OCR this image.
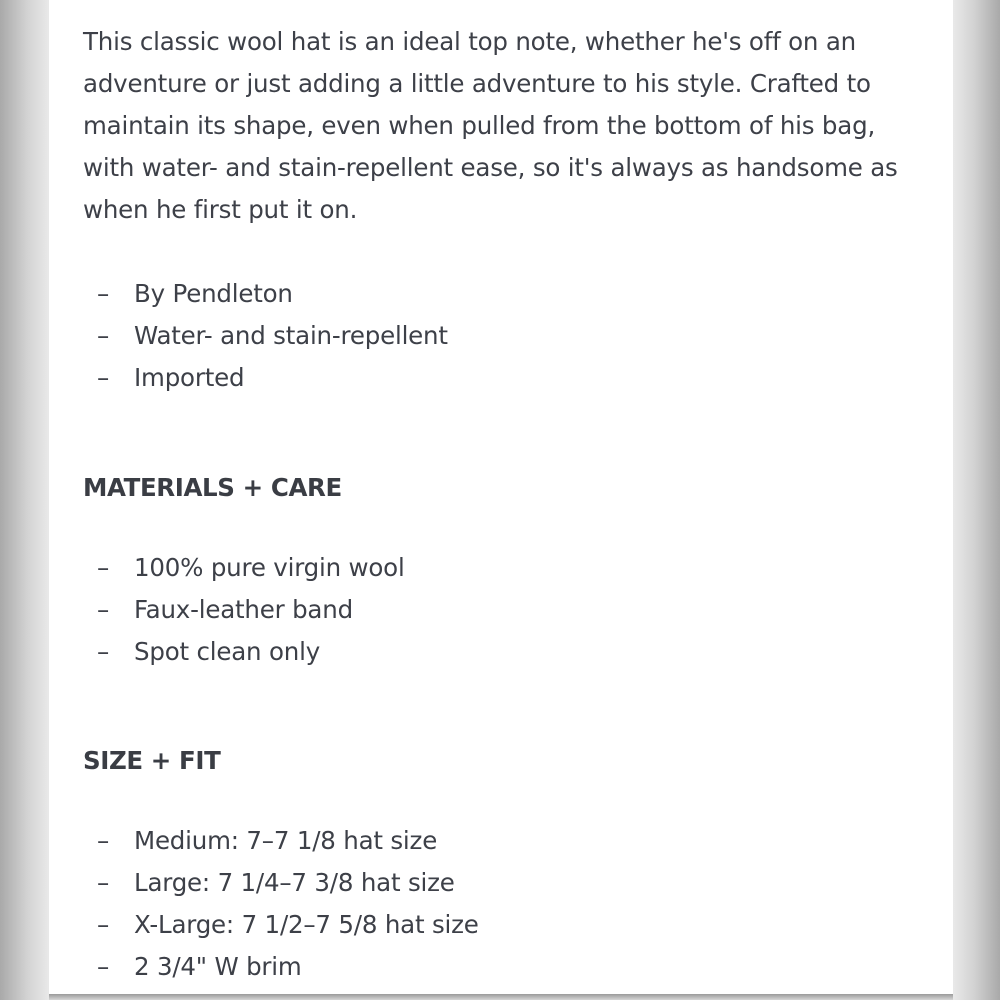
This classic wool hat is an ideal top note, whether he's off on an adventure or just adding a little adventure to his style. Crafted to maintain its shape, even when pulled from the bottom of his bag, with water- and stain-repellent ease, so it's always as handsome as when he first put it on.

– By Pendleton
– Water- and stain-repellent
– Imported
MATERIALS + CARE
– 100% pure virgin wool
– Faux-leather band
– Spot clean only
SIZE + FIT
– Medium: 7–7 1/8 hat size
– Large: 7 1/4–7 3/8 hat size
– X-Large: 7 1/2–7 5/8 hat size
– 2 3/4" W brim
